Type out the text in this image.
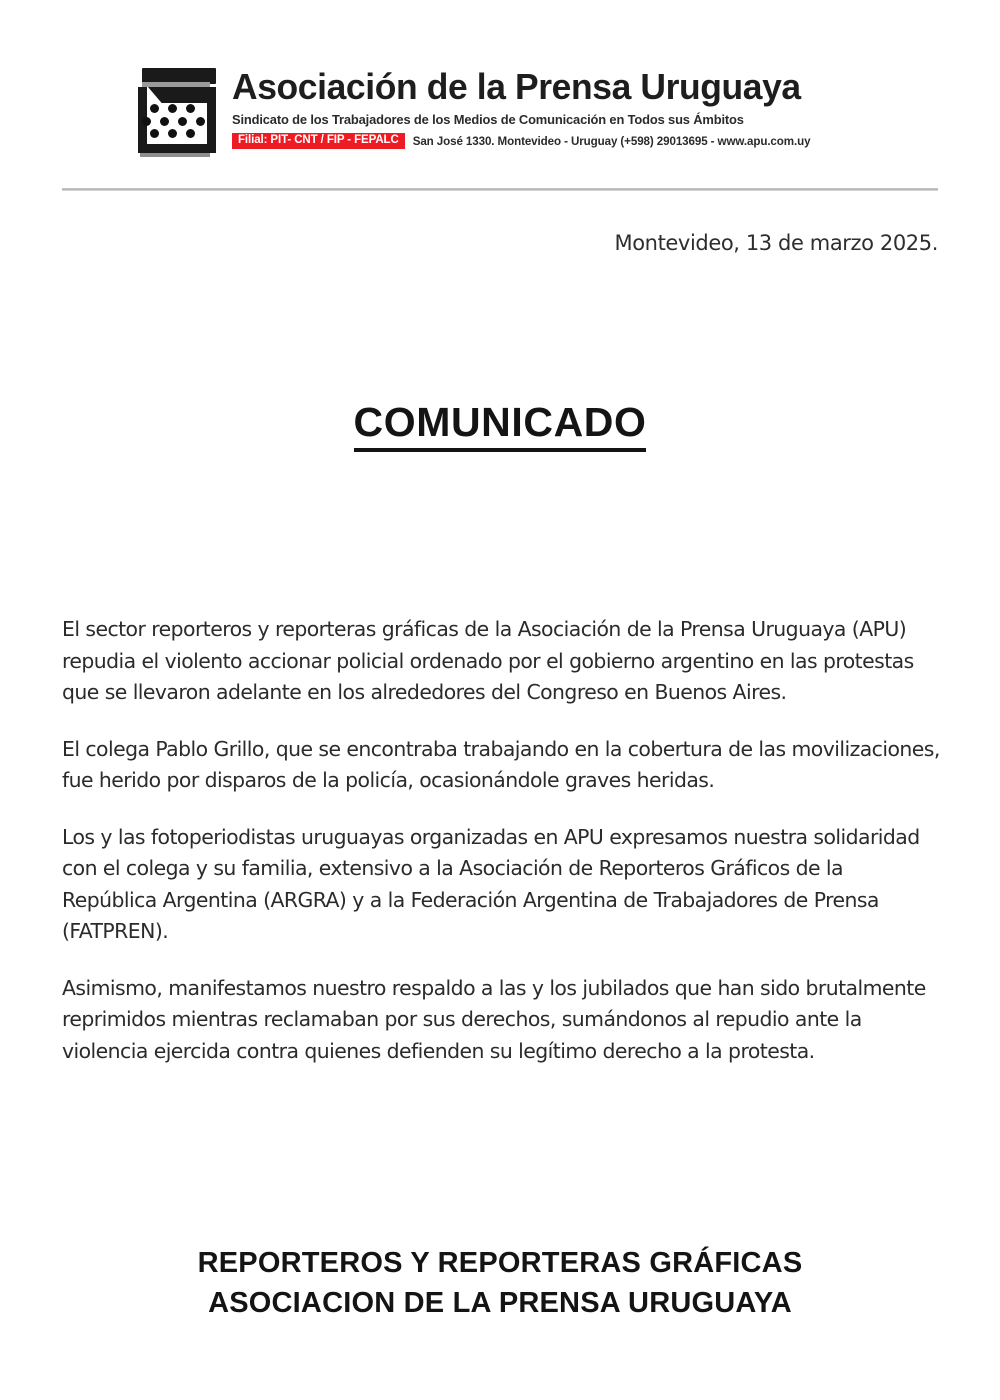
Asociación de la Prensa Uruguaya
Sindicato de los Trabajadores de los Medios de Comunicación en Todos sus Ámbitos
Filial: PIT- CNT / FIP - FEPALC	San José 1330. Montevideo - Uruguay (+598) 29013695 - www.apu.com.uy
Montevideo, 13 de marzo 2025.
COMUNICADO

El sector reporteros y reporteras gráficas de la Asociación de la Prensa Uruguaya (APU) repudia el violento accionar policial ordenado por el gobierno argentino en las protestas que se llevaron adelante en los alrededores del Congreso en Buenos Aires.

El colega Pablo Grillo, que se encontraba trabajando en la cobertura de las movilizaciones, fue herido por disparos de la policía, ocasionándole graves heridas.

Los y las fotoperiodistas uruguayas organizadas en APU expresamos nuestra solidaridad con el colega y su familia, extensivo a la Asociación de Reporteros Gráficos de la República Argentina (ARGRA) y a la Federación Argentina de Trabajadores de Prensa (FATPREN).

Asimismo, manifestamos nuestro respaldo a las y los jubilados que han sido brutalmente reprimidos mientras reclamaban por sus derechos, sumándonos al repudio ante la violencia ejercida contra quienes defienden su legítimo derecho a la protesta.

REPORTEROS Y REPORTERAS GRÁFICAS
ASOCIACION DE LA PRENSA URUGUAYA
